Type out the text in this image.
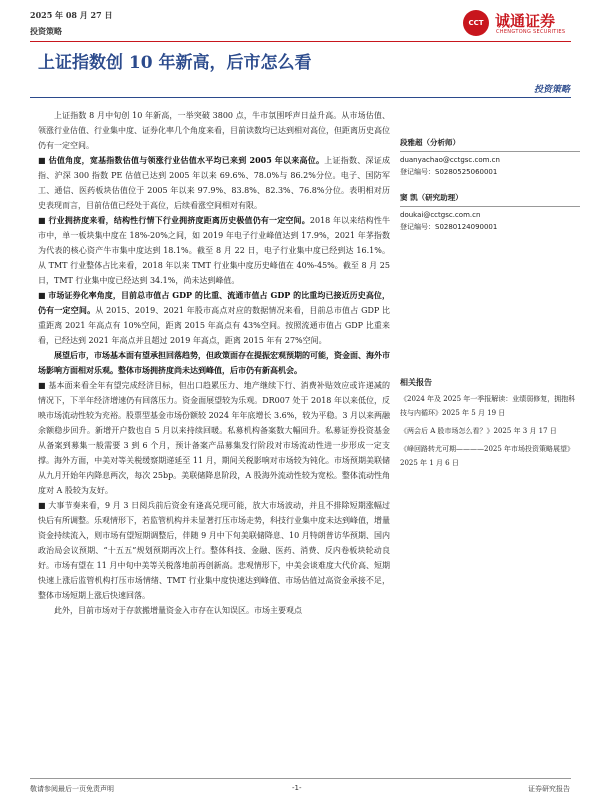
2025 年 08 月 27 日
投资策略
CCT 诚通证券
CHENGTONG SECURITIES
上证指数创 10 年新高，后市怎么看
投资策略

上证指数 8 月中旬创 10 年新高，一举突破 3800 点，牛市氛围呼声日益升高。从市场估值、领涨行业估值、行业集中度、证券化率几个角度来看，目前读数均已达到相对高位，但距离历史高位仍有一定空间。

■ 估值角度，宽基指数估值与领涨行业估值水平均已来到 2005 年以来高位。上证指数、深证成指、沪深 300 指数 PE 估值已达到 2005 年以来 69.6%、78.0%与 86.2%分位。电子、国防军工、通信、医药板块估值位于 2005 年以来 97.9%、83.8%、82.3%、76.8%分位。表明相对历史表现而言，目前估值已经处于高位，后续看涨空间相对有限。

■ 行业拥挤度来看，结构性行情下行业拥挤度距离历史极值仍有一定空间。2018 年以来结构性牛市中，单一板块集中度在 18%-20%之间，如 2019 年电子行业峰值达到 17.9%，2021 年茅指数为代表的核心资产牛市集中度达到 18.1%。截至 8 月 22 日，电子行业集中度已经到达 16.1%。从 TMT 行业整体占比来看，2018 年以来 TMT 行业集中度历史峰值在 40%-45%。截至 8 月 25 日，TMT 行业集中度已经达到 34.1%，尚未达到峰值。

■ 市场证券化率角度，目前总市值占 GDP 的比重、流通市值占 GDP 的比重均已接近历史高位，仍有一定空间。从 2015、2019、2021 年股市高点对应的数据情况来看，目前总市值占 GDP 比重距离 2021 年高点有 10%空间，距离 2015 年高点有 43%空间。按照流通市值占 GDP 比重来看，已经达到 2021 年高点并且超过 2019 年高点，距离 2015 年有 27%空间。

展望后市，市场基本面有望承担回落趋势，但政策面存在提振宏观预期的可能，资金面、海外市场影响方面相对乐观。整体市场拥挤度尚未达到峰值，后市仍有新高机会。

■ 基本面来看全年有望完成经济目标，但出口趋累压力、地产继续下行、消费补贴效应或许递减的情况下，下半年经济增速仍有回落压力。资金面展望较为乐观。DR007 处于 2018 年以来低位，反映市场流动性较为充裕。股票型基金市场份额较 2024 年年底增长 3.6%，较为平稳。3 月以来两融余额稳步回升。新增开户数也自 5 月以来持续回暖。私募机构备案数大幅回升。私募证券投资基金从备案到募集一般需要 3 到 6 个月，预计备案产品募集发行阶段对市场流动性进一步形成一定支撑。海外方面，中美对等关税缓察期递延至 11 月，期间关税影响对市场较为钝化。市场预期美联储从九月开始年内降息两次，每次 25bp。美联储降息阶段，A 股海外流动性较为宽松。整体流动性角度对 A 股较为友好。

■ 大事节奏来看，9 月 3 日阅兵前后资金有逢高兑现可能，放大市场波动，并且不排除短期涨幅过快后有所调整。乐观情形下，若监管机构并未显著打压市场走势，科技行业集中度未达到峰值，增量资金持续流入，则市场有望短期调整后，伴随 9 月中下旬美联储降息、10 月特朗普访华预期、国内政治局会议预期、“十五五”规划预期再次上行。整体科技、金融、医药、消费、反内卷板块轮动良好。市场有望在 11 月中旬中美等关税落地前再创新高。悲观情形下，中美会谈难度大代价高、短期快速上涨后监管机构打压市场情绪、TMT 行业集中度快速达到峰值、市场估值过高资金承接不足，整体市场短期上涨后快速回落。

此外，目前市场对于存款搬增量资金入市存在认知误区。市场主要观点

段雅超（分析师）
duanyachao@cctgsc.com.cn
登记编号：S0280525060001
窦 凯（研究助理）
doukai@cctgsc.com.cn
登记编号：S0280124090001
相关报告
《2024 年及 2025 年一季报解读：业绩弱修复，拥抱科技与内循环》2025 年 5 月 19 日
《两会后 A 股市场怎么看？》2025 年 3 月 17 日
《峰回路转尤可期————2025 年市场投资策略展望》 2025 年 1 月 6 日
敬请参阅最后一页免责声明	-1-	证券研究报告
